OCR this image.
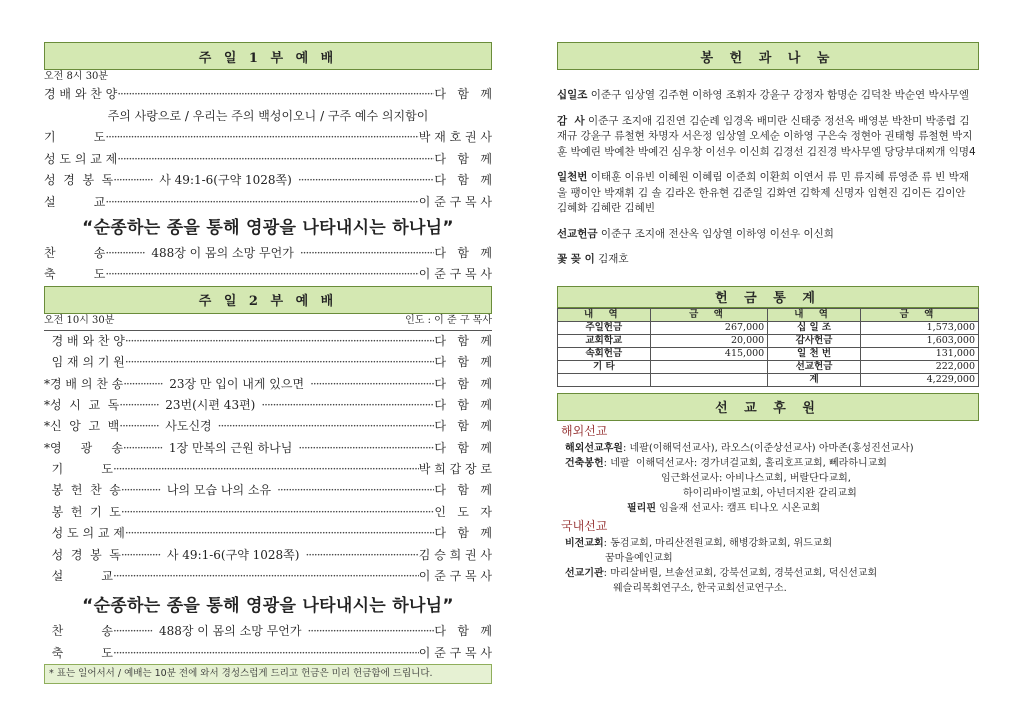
주 일 1 부 예 배
오전 8시 30분
경 배 와 찬 양 ·····	다   함   께
주의 사랑으로 / 우리는 주의 백성이오니 / 구주 예수 의지함이
기          도 ·····	박 재 호 권 사
성 도 의 교 제 ·····	다   함   께
성  경  봉  독 ·····	사 49:1-6(구약 1028쪽) ·····	다   함   께
설          교 ·····	이 준 구 목 사
“순종하는 종을 통해 영광을 나타내시는 하나님”
찬          송 ·····	488장 이 몸의 소망 무언가 ·····	다   함   께
축          도 ·····	이 준 구 목 사
주 일 2 부 예 배
오전 10시 30분	인도 : 이 준 구 목사
경 배 와 찬 양 ·····	다   함   께
임 재 의 기 원 ·····	다   함   께
*경 배 의 찬 송 ·····	23장 만 입이 내게 있으면 ·····	다   함   께
*성  시  교  독 ·····	23번(시편 43편) ·····	다   함   께
*신  앙  고  백 ·····	사도신경 ·····	다   함   께
*영     광     송 ·····	1장 만복의 근원 하나님 ·····	다   함   께
기          도 ·····	박 희 갑 장 로
봉  헌  찬  송 ·····	나의 모습 나의 소유 ·····	다   함   께
봉  헌  기  도 ·····	인   도   자
성 도 의 교 제 ·····	다   함   께
성  경  봉  독 ·····	사 49:1-6(구약 1028쪽) ·····	김 승 희 권 사
설          교 ·····	이 준 구 목 사
“순종하는 종을 통해 영광을 나타내시는 하나님”
찬          송 ·····	488장 이 몸의 소망 무언가 ·····	다   함   께
축          도 ·····	이 준 구 목 사
* 표는 일어서서 / 예배는 10분 전에 와서 경성스럽게 드리고 헌금은 미리 헌금함에 드립니다.
봉 헌 과 나 눔

십일조 이준구 임상열 김주현 이하영 조휘자 강윤구 강정자 함명순 김덕찬 박순연 박사무엘

감  사 이준구 조지애 김진연 김순례 임경옥 배미란 신태중 정선옥 배영분 박찬미 박종렵 김재규 강윤구 류철현 차명자 서은정 임상열 오세순 이하영 구은숙 정현아 권태형 류철현 박지훈 박예린 박예찬 박예건 심우창 이선우 이신희 김경선 김진경 박사무엘 당당부대찌개 익명4

일천번 이태훈 이유빈 이혜원 이혜림 이준희 이환희 이연서 류 민 류지혜 류영준 류 빈 박재울 팽이안 박재휘 김 솔 김라온 한유현 김준일 김화연 김학제 신명자 임현진 김이든 김이안 김혜화 김혜란 김혜빈

선교헌금 이준구 조지애 전산옥 임상열 이하영 이선우 이신희

꽃 꽂 이 김재호

헌 금 통 계
내 역	금 액	내 역	금 액
주일헌금	267,000	십 일 조	1,573,000
교회학교	20,000	감사헌금	1,603,000
속회헌금	415,000	일 천 번	131,000
기 타		선교헌금	222,000
		계	4,229,000
선 교 후 원
해외선교
해외선교후원: 네팔(이해덕선교사), 라오스(이준상선교사) 아마존(홍성진선교사)
건축봉헌: 네팔  이해덕선교사: 경가녀걸교회, 홀리호프교회, 뻬라하니교회
임근화선교사: 아비나스교회, 버랄단다교회,
하이리바이벌교회, 아넌더지완 갈리교회
필리핀 임을재 선교사: 캠프 티나오 시온교회
국내선교
비전교회: 동검교회, 마리산전원교회, 해병강화교회, 위드교회
꿈마을예인교회
선교기관: 마리살버릴, 브솔선교회, 강북선교회, 경북선교회, 덕신선교회
웨슬리목회연구소, 한국교회선교연구소.
